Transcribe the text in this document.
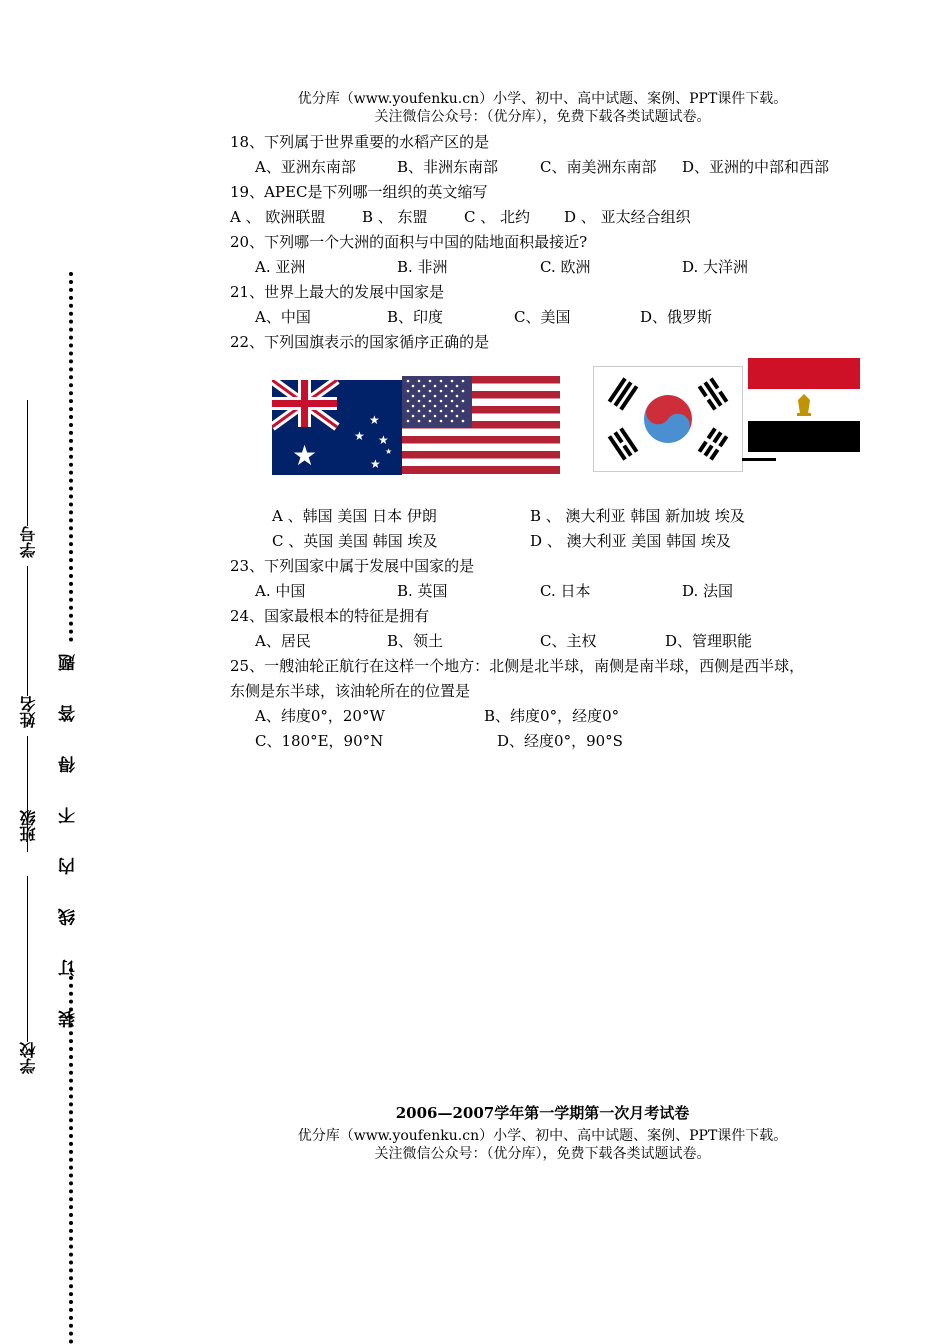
优分库（www.youfenku.cn）小学、初中、高中试题、案例、PPT课件下载。
关注微信公众号：（优分库），免费下载各类试题试卷。
18、下列属于世界重要的水稻产区的是
A、亚洲东南部	B、非洲东南部	C、南美洲东南部 D、亚洲的中部和西部
19、APEC是下列哪一组织的英文缩写
A 、 欧洲联盟 B 、 东盟 C 、 北约 D 、 亚太经合组织
20、下列哪一个大洲的面积与中国的陆地面积最接近?
A. 亚洲	B. 非洲	C. 欧洲	D. 大洋洲
21、世界上最大的发展中国家是
A、中国	B、印度	C、美国	D、俄罗斯
22、下列国旗表示的国家循序正确的是
★
★
★ ★
★
★
A 、韩国 美国 日本 伊朗	B 、 澳大利亚 韩国 新加坡 埃及
C 、英国 美国 韩国 埃及	D 、 澳大利亚 美国 韩国 埃及
23、下列国家中属于发展中国家的是
A. 中国	B. 英国	C. 日本	D. 法国
24、国家最根本的特征是拥有
A、居民	B、领土	C、主权	D、管理职能
25、一艘油轮正航行在这样一个地方：北侧是北半球，南侧是南半球，西侧是西半球，
东侧是东半球，该油轮所在的位置是
A、纬度0°，20°W	B、纬度0°，经度0°
C、180°E，90°N	D、经度0°，90°S
2006—2007学年第一学期第一次月考试卷
优分库（www.youfenku.cn）小学、初中、高中试题、案例、PPT课件下载。
关注微信公众号：（优分库），免费下载各类试题试卷。
装 订 线 内 不 得 答 题
学号
姓名
班级
学校
